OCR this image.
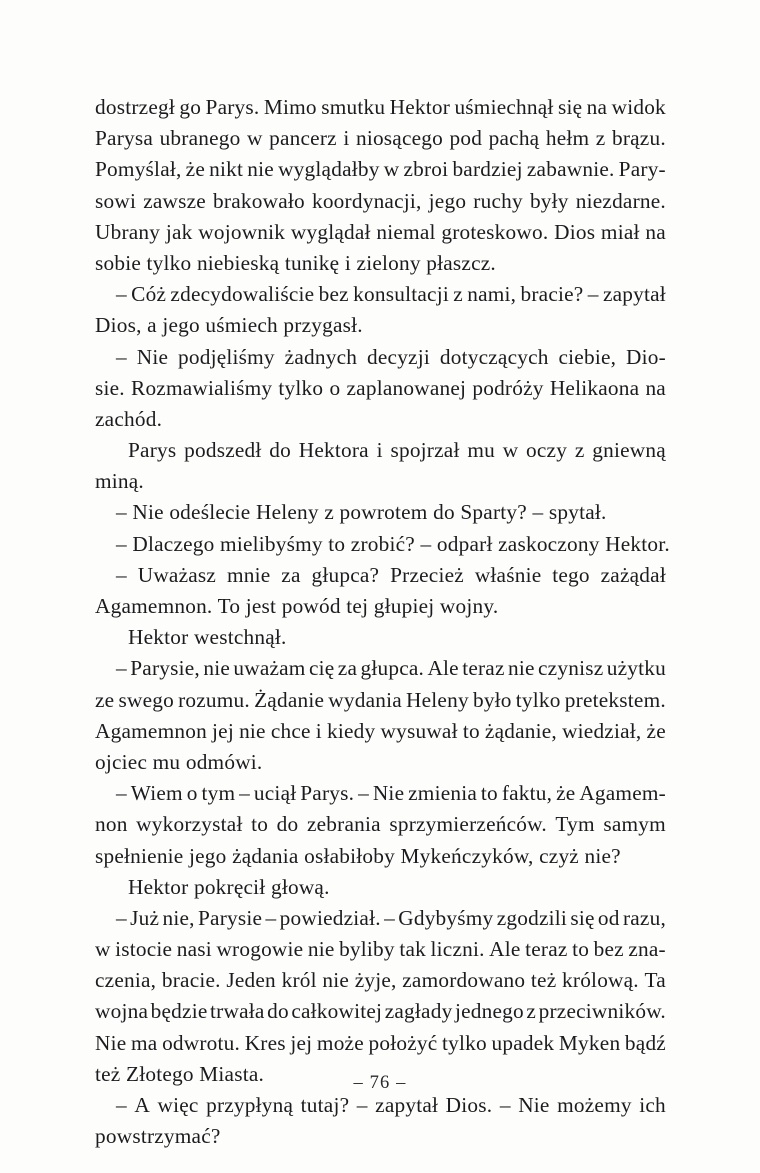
dostrzegł go Parys. Mimo smutku Hektor uśmiechnął się na widok
Parysa ubranego w pancerz i niosącego pod pachą hełm z brązu.
Pomyślał, że nikt nie wyglądałby w zbroi bardziej zabawnie. Pary-
sowi zawsze brakowało koordynacji, jego ruchy były niezdarne.
Ubrany jak wojownik wyglądał niemal groteskowo. Dios miał na
sobie tylko niebieską tunikę i zielony płaszcz.

– Cóż zdecydowaliście bez konsultacji z nami, bracie? – zapytał
Dios, a jego uśmiech przygasł.

– Nie podjęliśmy żadnych decyzji dotyczących ciebie, Dio-
sie. Rozmawialiśmy tylko o zaplanowanej podróży Helikaona na
zachód.

Parys podszedł do Hektora i spojrzał mu w oczy z gniewną
miną.

– Nie odeślecie Heleny z powrotem do Sparty? – spytał.

– Dlaczego mielibyśmy to zrobić? – odparł zaskoczony Hektor.

– Uważasz mnie za głupca? Przecież właśnie tego zażądał
Agamemnon. To jest powód tej głupiej wojny.

Hektor westchnął.

– Parysie, nie uważam cię za głupca. Ale teraz nie czynisz użytku
ze swego rozumu. Żądanie wydania Heleny było tylko pretekstem.
Agamemnon jej nie chce i kiedy wysuwał to żądanie, wiedział, że
ojciec mu odmówi.

– Wiem o tym – uciął Parys. – Nie zmienia to faktu, że Agamem-
non wykorzystał to do zebrania sprzymierzeńców. Tym samym
spełnienie jego żądania osłabiłoby Mykeńczyków, czyż nie?

Hektor pokręcił głową.

– Już nie, Parysie – powiedział. – Gdybyśmy zgodzili się od razu,
w istocie nasi wrogowie nie byliby tak liczni. Ale teraz to bez zna-
czenia, bracie. Jeden król nie żyje, zamordowano też królową. Ta
wojna będzie trwała do całkowitej zagłady jednego z przeciwników.
Nie ma odwrotu. Kres jej może położyć tylko upadek Myken bądź
też Złotego Miasta.

– A więc przypłyną tutaj? – zapytał Dios. – Nie możemy ich
powstrzymać?

– 76 –
